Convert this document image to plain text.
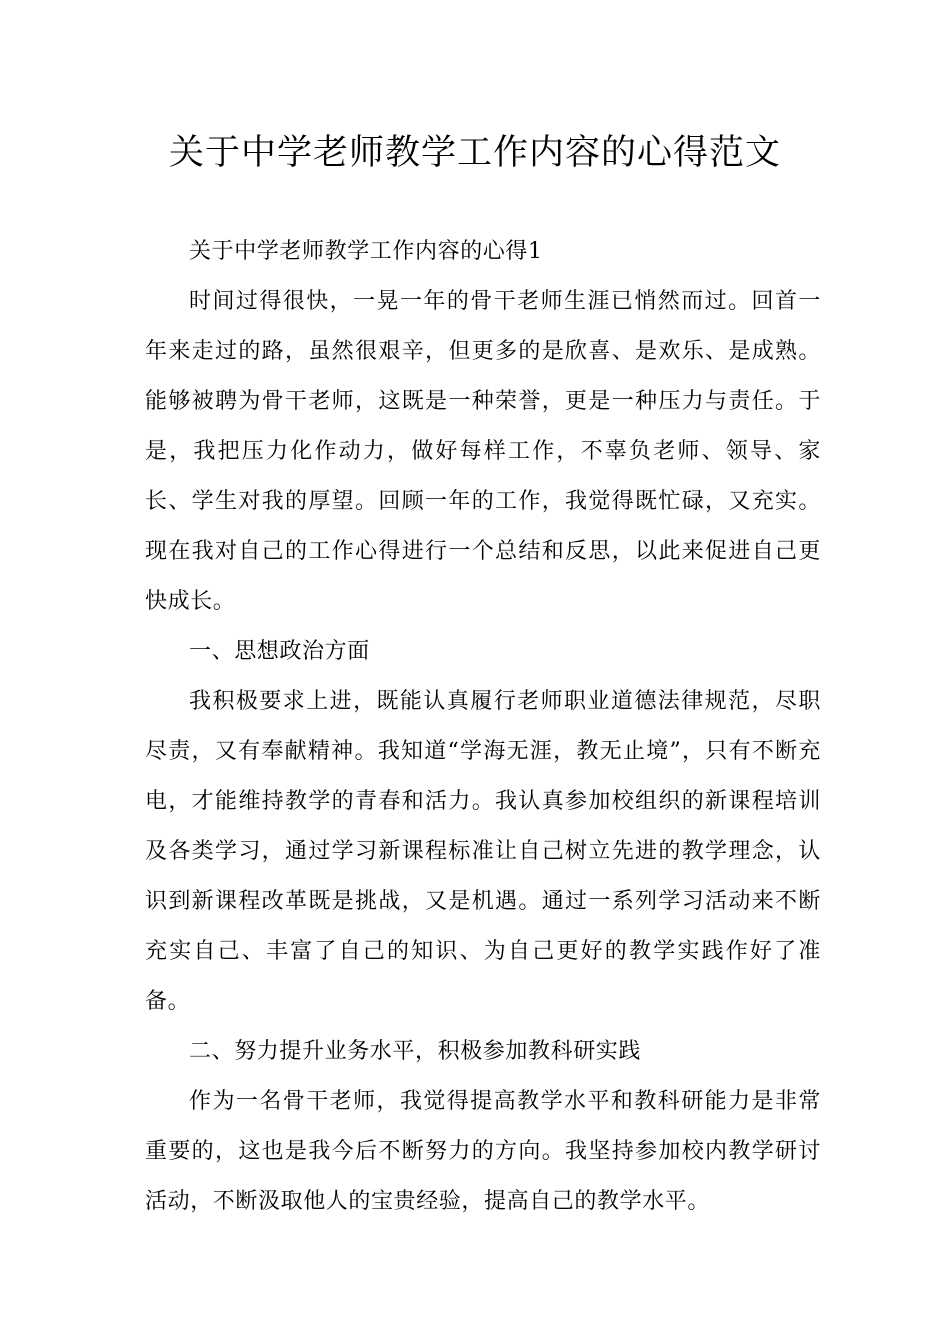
关于中学老师教学工作内容的心得范文

关于中学老师教学工作内容的心得1

时间过得很快，一晃一年的骨干老师生涯已悄然而过。回首一年来走过的路，虽然很艰辛，但更多的是欣喜、是欢乐、是成熟。能够被聘为骨干老师，这既是一种荣誉，更是一种压力与责任。于是，我把压力化作动力，做好每样工作，不辜负老师、领导、家长、学生对我的厚望。回顾一年的工作，我觉得既忙碌，又充实。现在我对自己的工作心得进行一个总结和反思，以此来促进自己更快成长。

一、思想政治方面

我积极要求上进，既能认真履行老师职业道德法律规范，尽职尽责，又有奉献精神。我知道“学海无涯，教无止境”，只有不断充电，才能维持教学的青春和活力。我认真参加校组织的新课程培训及各类学习，通过学习新课程标准让自己树立先进的教学理念，认识到新课程改革既是挑战，又是机遇。通过一系列学习活动来不断充实自己、丰富了自己的知识、为自己更好的教学实践作好了准备。

二、努力提升业务水平，积极参加教科研实践

作为一名骨干老师，我觉得提高教学水平和教科研能力是非常重要的，这也是我今后不断努力的方向。我坚持参加校内教学研讨活动，不断汲取他人的宝贵经验，提高自己的教学水平。
